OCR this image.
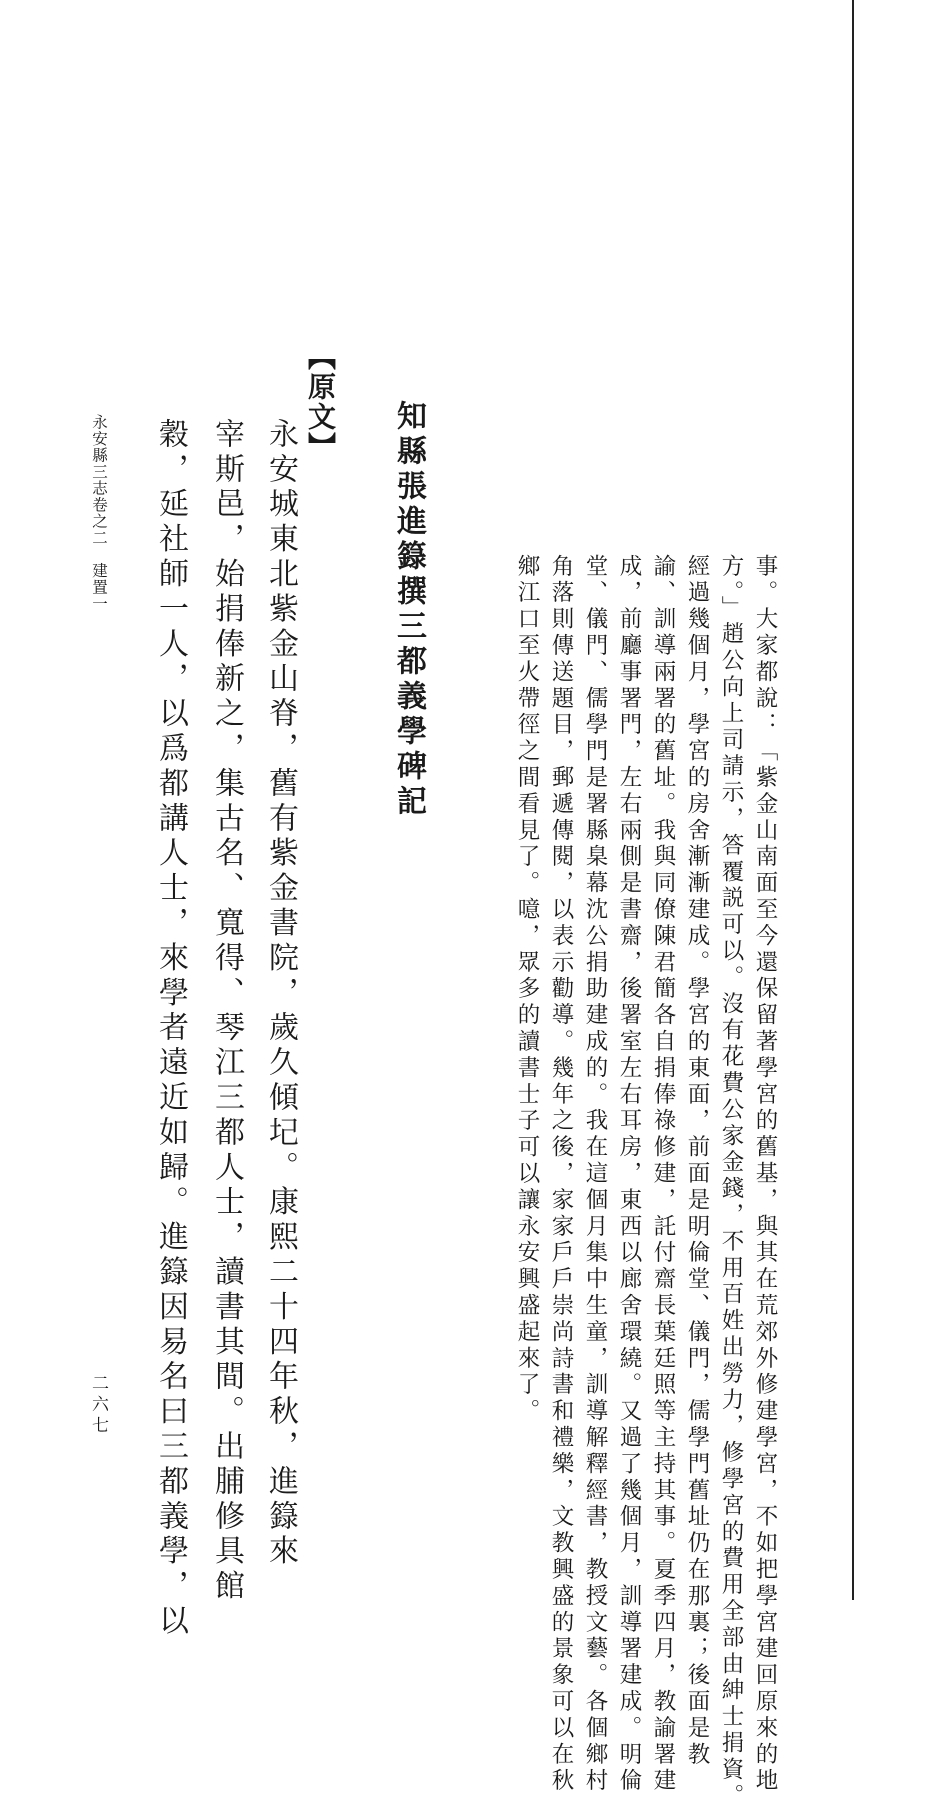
事。大家都說：「紫金山南面至今還保留著學宮的舊基，與其在荒郊外修建學宮，不如把學宮建回原來的地
方。」趙公向上司請示，答覆説可以。沒有花費公家金錢，不用百姓出勞力，修學宮的費用全部由紳士捐資。
經過幾個月，學宮的房舍漸漸建成。學宮的東面，前面是明倫堂、儀門，儒學門舊址仍在那裏；後面是教
諭、訓導兩署的舊址。我與同僚陳君簡各自捐俸祿修建，託付齋長葉廷照等主持其事。夏季四月，教諭署建
成，前廳事署門，左右兩側是書齋，後署室左右耳房，東西以廊舍環繞。又過了幾個月，訓導署建成。明倫
堂、儀門、儒學門是署縣臬幕沈公捐助建成的。我在這個月集中生童，訓導解釋經書，教授文藝。各個鄉村
角落則傳送題目，郵遞傳閱，以表示勸導。幾年之後，家家戶戶崇尚詩書和禮樂，文教興盛的景象可以在秋
鄉江口至火帶徑之間看見了。噫，眾多的讀書士子可以讓永安興盛起來了。
知縣張進籙撰三都義學碑記
【原文】
永安城東北紫金山脊，舊有紫金書院，歲久傾圮。康熙二十四年秋，進籙來
宰斯邑，始捐俸新之，集古名、寬得、琴江三都人士，讀書其間。出脯修具館
穀，延社師一人，以爲都講人士，來學者遠近如歸。進籙因易名曰三都義學，以
永安縣三志卷之二　建置一
二六七
